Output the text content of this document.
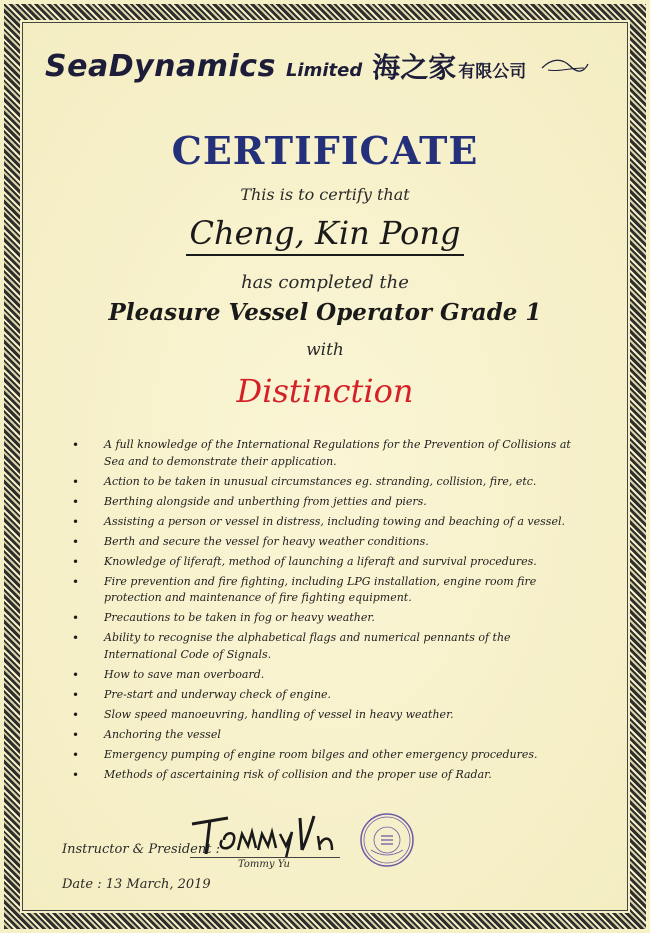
SeaDynamics Limited 海之家 有限公司
CERTIFICATE
This is to certify that
Cheng, Kin Pong
has completed the
Pleasure Vessel Operator Grade 1
with
Distinction
• A full knowledge of the International Regulations for the Prevention of Collisions at Sea and to demonstrate their application.
• Action to be taken in unusual circumstances eg. stranding, collision, fire, etc.
• Berthing alongside and unberthing from jetties and piers.
• Assisting a person or vessel in distress, including towing and beaching of a vessel.
• Berth and secure the vessel for heavy weather conditions.
• Knowledge of liferaft, method of launching a liferaft and survival procedures.
• Fire prevention and fire fighting, including LPG installation, engine room fire protection and maintenance of fire fighting equipment.
• Precautions to be taken in fog or heavy weather.
• Ability to recognise the alphabetical flags and numerical pennants of the International Code of Signals.
• How to save man overboard.
• Pre-start and underway check of engine.
• Slow speed manoeuvring, handling of vessel in heavy weather.
• Anchoring the vessel
• Emergency pumping of engine room bilges and other emergency procedures.
• Methods of ascertaining risk of collision and the proper use of Radar.
Instructor & President :
Tommy Yu
Date : 13 March, 2019
